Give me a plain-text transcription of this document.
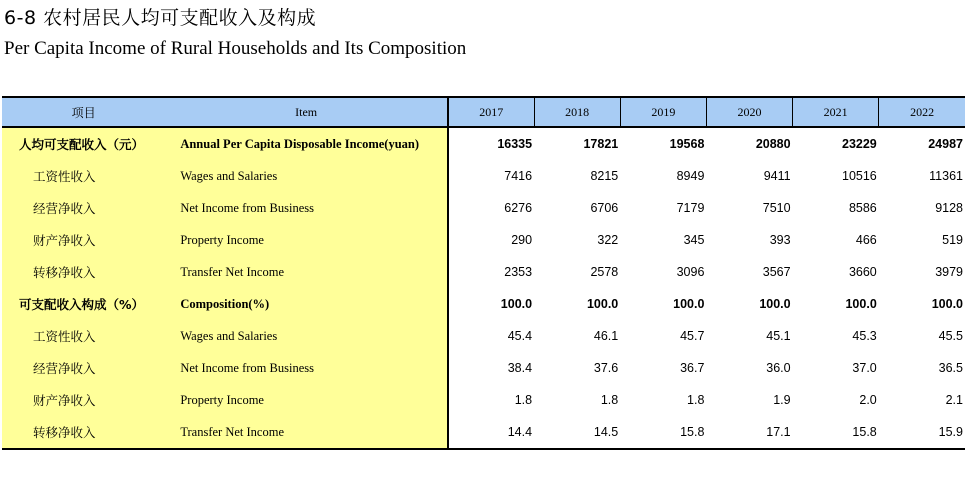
6-8 农村居民人均可支配收入及构成
Per Capita Income of Rural Households and Its Composition
项目	Item	2017	2018	2019	2020	2021	2022
人均可支配收入（元）	Annual Per Capita Disposable Income(yuan)	16335	17821	19568	20880	23229	24987
工资性收入	Wages and Salaries	7416	8215	8949	9411	10516	11361
经营净收入	Net Income from Business	6276	6706	7179	7510	8586	9128
财产净收入	Property Income	290	322	345	393	466	519
转移净收入	Transfer Net Income	2353	2578	3096	3567	3660	3979
可支配收入构成（%）	Composition(%)	100.0	100.0	100.0	100.0	100.0	100.0
工资性收入	Wages and Salaries	45.4	46.1	45.7	45.1	45.3	45.5
经营净收入	Net Income from Business	38.4	37.6	36.7	36.0	37.0	36.5
财产净收入	Property Income	1.8	1.8	1.8	1.9	2.0	2.1
转移净收入	Transfer Net Income	14.4	14.5	15.8	17.1	15.8	15.9
